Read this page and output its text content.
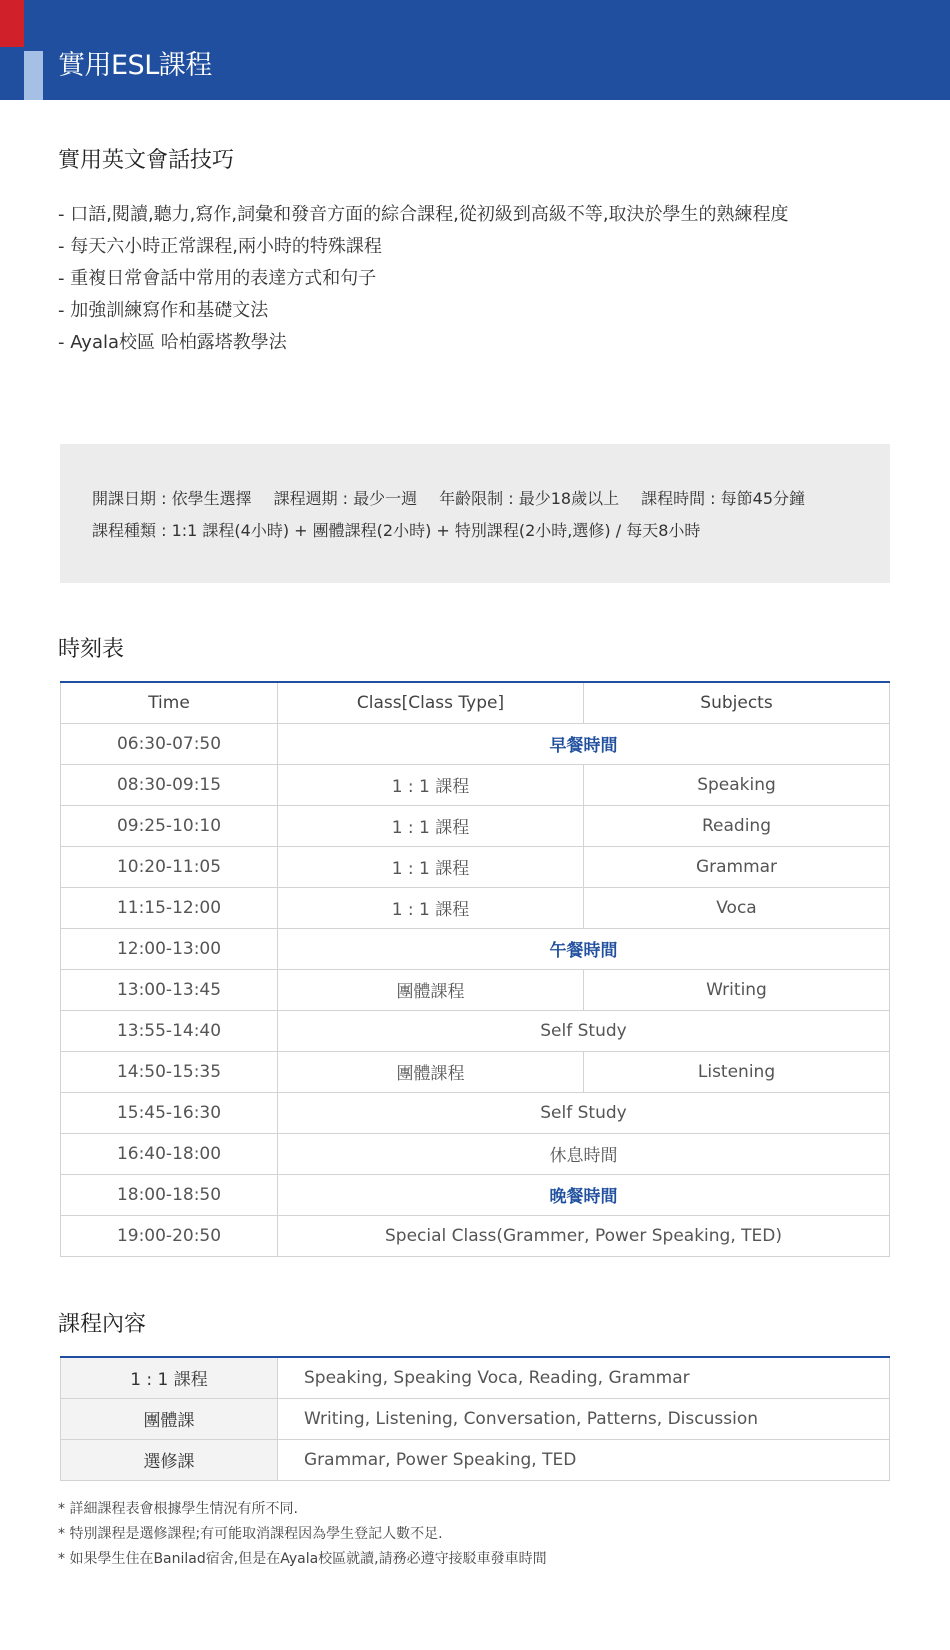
實用ESL課程
實用英文會話技巧
- 口語,閱讀,聽力,寫作,詞彙和發音方面的綜合課程,從初級到高級不等,取決於學生的熟練程度
- 每天六小時正常課程,兩小時的特殊課程
- 重複日常會話中常用的表達方式和句子
- 加強訓練寫作和基礎文法
- Ayala校區 哈柏露塔教學法
開課日期 : 依學生選擇 課程週期 : 最少一週 年齡限制 : 最少18歲以上 課程時間 : 每節45分鐘
課程種類 : 1:1 課程(4小時) + 團體課程(2小時) + 特別課程(2小時,選修) / 每天8小時
時刻表
Time	Class[Class Type]	Subjects
06:30-07:50	早餐時間	
08:30-09:15	1 : 1 課程	Speaking
09:25-10:10	1 : 1 課程	Reading
10:20-11:05	1 : 1 課程	Grammar
11:15-12:00	1 : 1 課程	Voca
12:00-13:00	午餐時間	
13:00-13:45	團體課程	Writing
13:55-14:40	Self Study	
14:50-15:35	團體課程	Listening
15:45-16:30	Self Study	
16:40-18:00	休息時間	
18:00-18:50	晚餐時間	
19:00-20:50	Special Class(Grammer, Power Speaking, TED)	
課程內容
1 : 1 課程	Speaking, Speaking Voca, Reading, Grammar
團體課	Writing, Listening, Conversation, Patterns, Discussion
選修課	Grammar, Power Speaking, TED
* 詳細課程表會根據學生情況有所不同.
* 特別課程是選修課程;有可能取消課程因為學生登記人數不足.
* 如果學生住在Banilad宿舍,但是在Ayala校區就讀,請務必遵守接駁車發車時間
